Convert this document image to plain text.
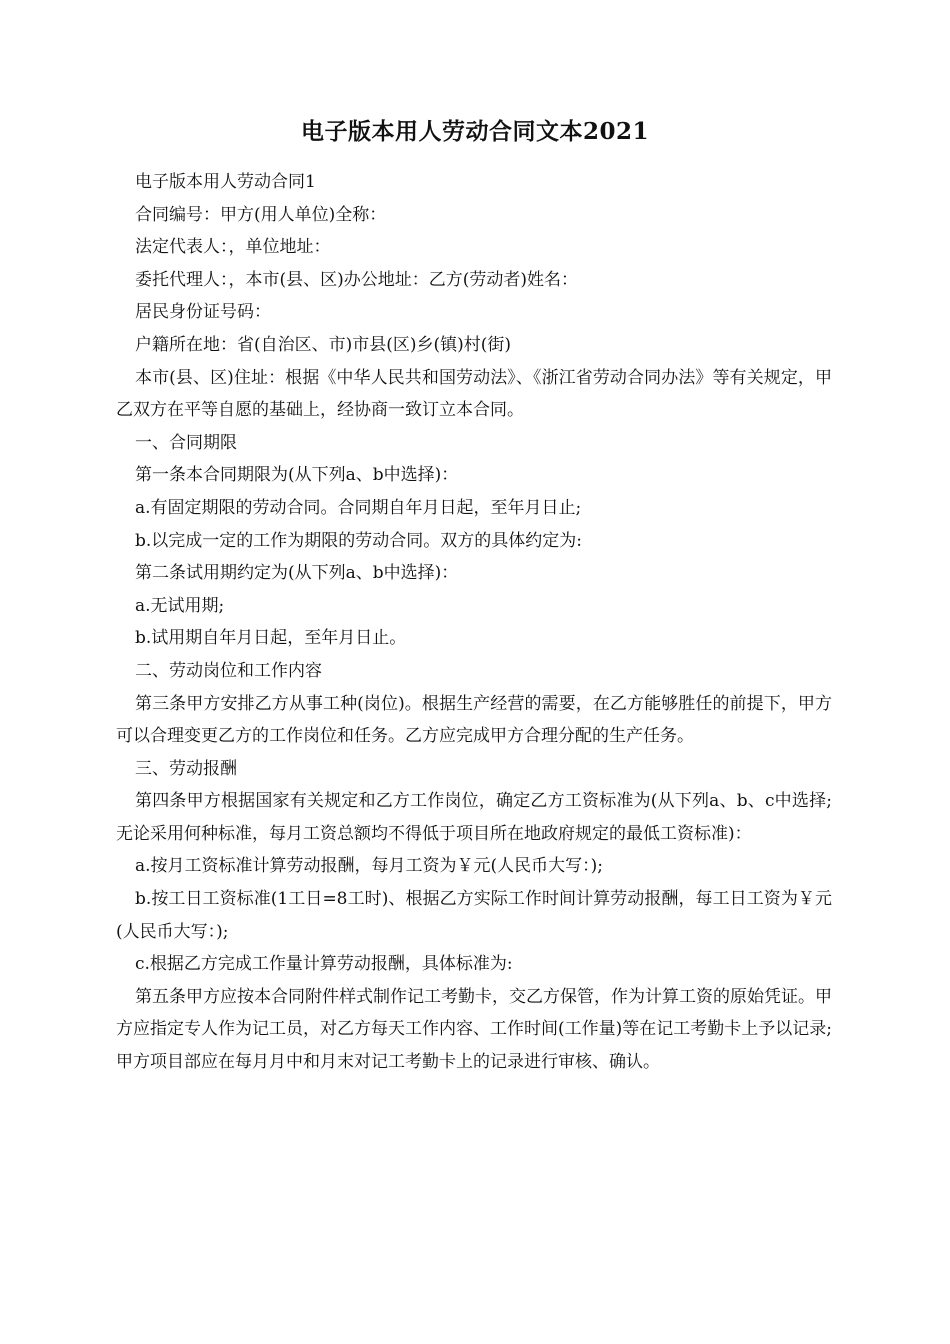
电子版本用人劳动合同文本2021

电子版本用人劳动合同1

合同编号：甲方(用人单位)全称：

法定代表人：，单位地址：

委托代理人：，本市(县、区)办公地址：乙方(劳动者)姓名：

居民身份证号码：

户籍所在地：省(自治区、市)市县(区)乡(镇)村(街)

本市(县、区)住址：根据《中华人民共和国劳动法》、《浙江省劳动合同办法》等有关规定，甲乙双方在平等自愿的基础上，经协商一致订立本合同。

一、合同期限

第一条本合同期限为(从下列a、b中选择)：

a.有固定期限的劳动合同。合同期自年月日起，至年月日止;

b.以完成一定的工作为期限的劳动合同。双方的具体约定为:

第二条试用期约定为(从下列a、b中选择)：

a.无试用期;

b.试用期自年月日起，至年月日止。

二、劳动岗位和工作内容

第三条甲方安排乙方从事工种(岗位)。根据生产经营的需要，在乙方能够胜任的前提下，甲方可以合理变更乙方的工作岗位和任务。乙方应完成甲方合理分配的生产任务。

三、劳动报酬

第四条甲方根据国家有关规定和乙方工作岗位，确定乙方工资标准为(从下列a、b、c中选择;无论采用何种标准，每月工资总额均不得低于项目所在地政府规定的最低工资标准)：

a.按月工资标准计算劳动报酬，每月工资为￥元(人民币大写：);

b.按工日工资标准(1工日=8工时)、根据乙方实际工作时间计算劳动报酬，每工日工资为￥元(人民币大写：);

c.根据乙方完成工作量计算劳动报酬，具体标准为:

第五条甲方应按本合同附件样式制作记工考勤卡，交乙方保管，作为计算工资的原始凭证。甲方应指定专人作为记工员，对乙方每天工作内容、工作时间(工作量)等在记工考勤卡上予以记录;甲方项目部应在每月月中和月末对记工考勤卡上的记录进行审核、确认。
